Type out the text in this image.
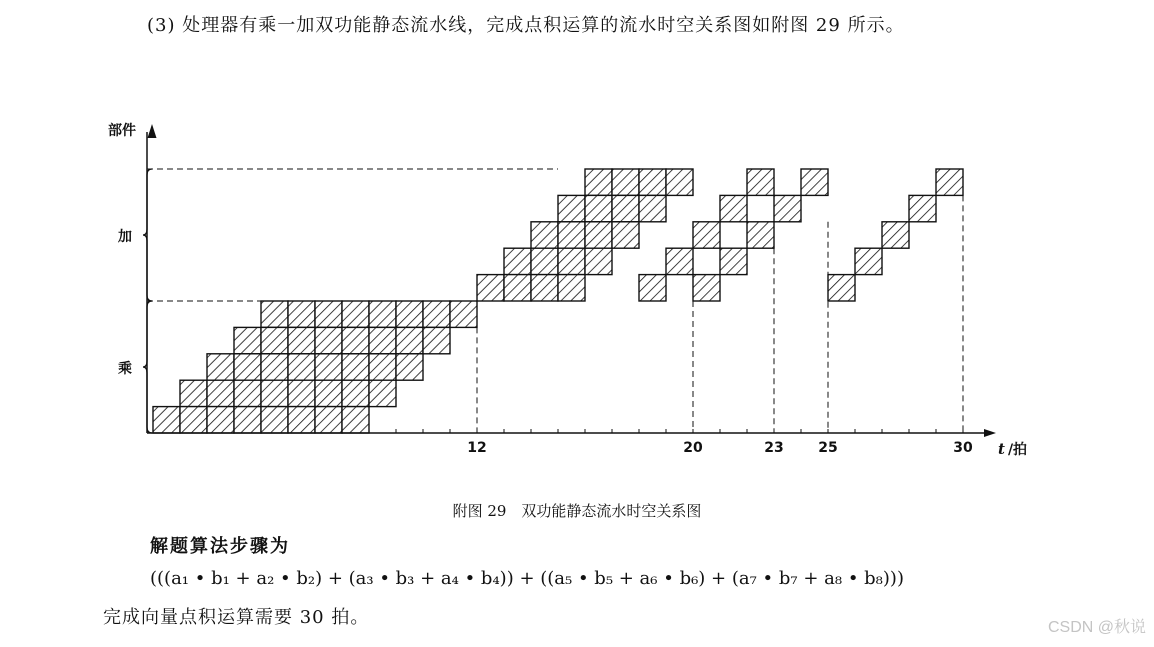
(3) 处理器有乘一加双功能静态流水线，完成点积运算的流水时空关系图如附图 29 所示。

部件
加
乘
12	20	23 25	30 t /拍

附图 29　双功能静态流水时空关系图

解题算法步骤为

(((a₁ • b₁ + a₂ • b₂) + (a₃ • b₃ + a₄ • b₄)) + ((a₅ • b₅ + a₆ • b₆) + (a₇ • b₇ + a₈ • b₈)))

完成向量点积运算需要 30 拍。	CSDN @秋说
